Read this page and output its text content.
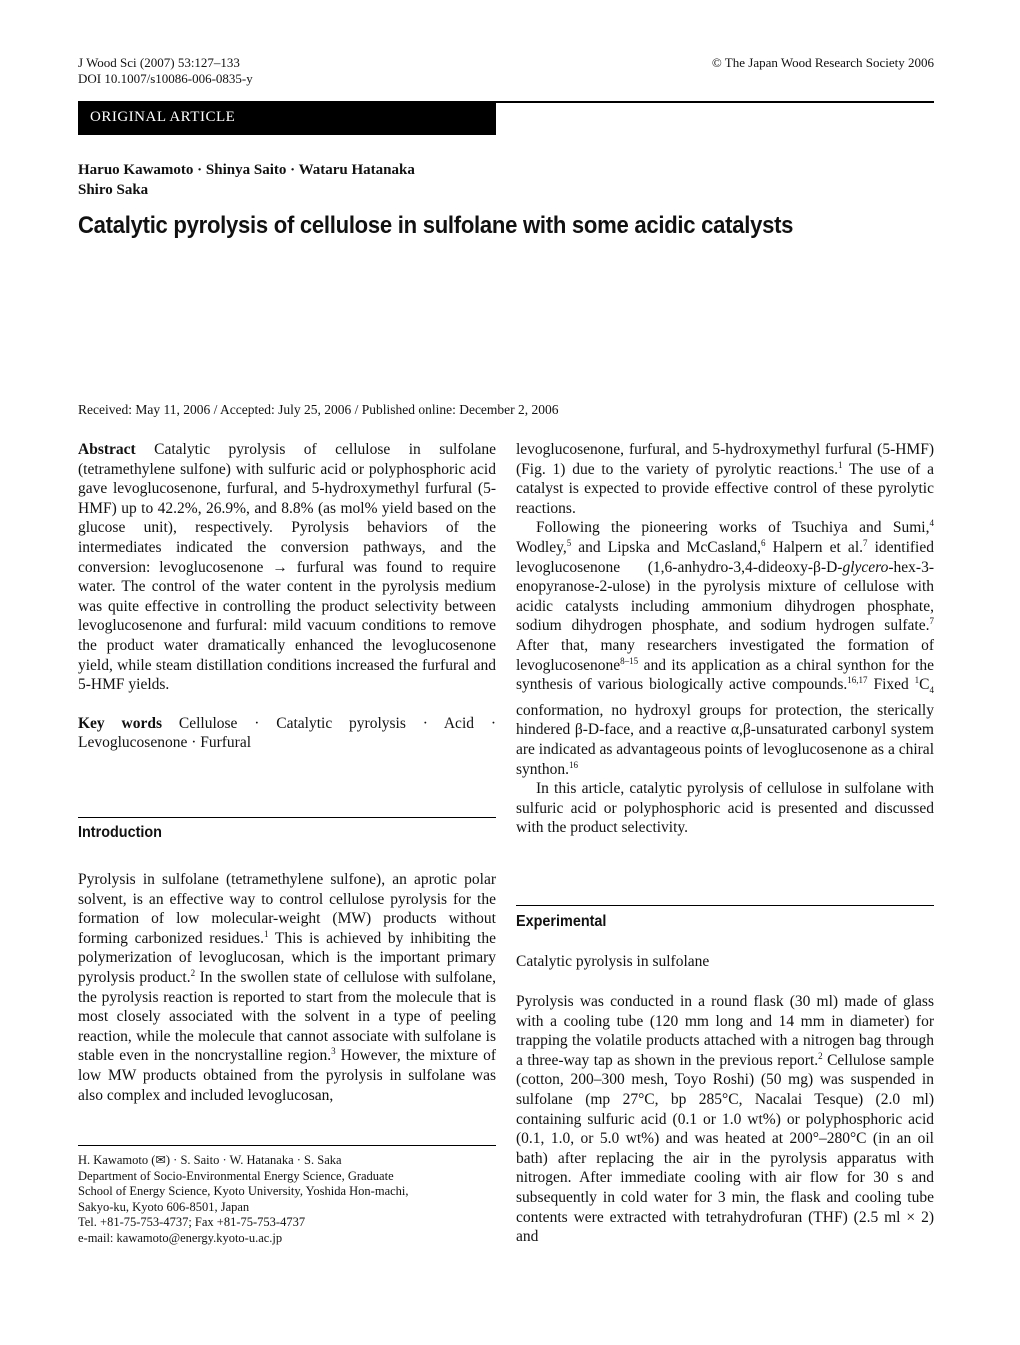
J Wood Sci (2007) 53:127–133
DOI 10.1007/s10086-006-0835-y
© The Japan Wood Research Society 2006
ORIGINAL ARTICLE
Haruo Kawamoto · Shinya Saito · Wataru Hatanaka
Shiro Saka
Catalytic pyrolysis of cellulose in sulfolane with some acidic catalysts
Received: May 11, 2006 / Accepted: July 25, 2006 / Published online: December 2, 2006

Abstract Catalytic pyrolysis of cellulose in sulfolane (tetramethylene sulfone) with sulfuric acid or polyphosphoric acid gave levoglucosenone, furfural, and 5-hydroxymethyl furfural (5-HMF) up to 42.2%, 26.9%, and 8.8% (as mol% yield based on the glucose unit), respectively. Pyrolysis behaviors of the intermediates indicated the conversion pathways, and the conversion: levoglucosenone → furfural was found to require water. The control of the water content in the pyrolysis medium was quite effective in controlling the product selectivity between levoglucosenone and furfural: mild vacuum conditions to remove the product water dramatically enhanced the levoglucosenone yield, while steam distillation conditions increased the furfural and 5-HMF yields.

Key words Cellulose · Catalytic pyrolysis · Acid · Levoglucosenone · Furfural

Introduction

Pyrolysis in sulfolane (tetramethylene sulfone), an aprotic polar solvent, is an effective way to control cellulose pyrolysis for the formation of low molecular-weight (MW) products without forming carbonized residues.$^1$ This is achieved by inhibiting the polymerization of levoglucosan, which is the important primary pyrolysis product.$^2$ In the swollen state of cellulose with sulfolane, the pyrolysis reaction is reported to start from the molecule that is most closely associated with the solvent in a type of peeling reaction, while the molecule that cannot associate with sulfolane is stable even in the noncrystalline region.$^3$ However, the mixture of low MW products obtained from the pyrolysis in sulfolane was also complex and included levoglucosan,

H. Kawamoto (✉) · S. Saito · W. Hatanaka · S. Saka
Department of Socio-Environmental Energy Science, Graduate
School of Energy Science, Kyoto University, Yoshida Hon-machi,
Sakyo-ku, Kyoto 606-8501, Japan
Tel. +81-75-753-4737; Fax +81-75-753-4737
e-mail: kawamoto@energy.kyoto-u.ac.jp

levoglucosenone, furfural, and 5-hydroxymethyl furfural (5-HMF) (Fig. 1) due to the variety of pyrolytic reactions.$^1$ The use of a catalyst is expected to provide effective control of these pyrolytic reactions.

Following the pioneering works of Tsuchiya and Sumi,$^4$ Wodley,$^5$ and Lipska and McCasland,$^6$ Halpern et al.$^7$ identified levoglucosenone (1,6-anhydro-3,4-dideoxy-β-D-glycero-hex-3-enopyranose-2-ulose) in the pyrolysis mixture of cellulose with acidic catalysts including ammonium dihydrogen phosphate, sodium dihydrogen phosphate, and sodium hydrogen sulfate.$^7$ After that, many researchers investigated the formation of levoglucosenone$^{8-15}$ and its application as a chiral synthon for the synthesis of various biologically active compounds.$^{16,17}$ Fixed $^1C_4$ conformation, no hydroxyl groups for protection, the sterically hindered β-D-face, and a reactive α,β-unsaturated carbonyl system are indicated as advantageous points of levoglucosenone as a chiral synthon.$^{16}$

In this article, catalytic pyrolysis of cellulose in sulfolane with sulfuric acid or polyphosphoric acid is presented and discussed with the product selectivity.

Experimental
Catalytic pyrolysis in sulfolane

Pyrolysis was conducted in a round flask (30 ml) made of glass with a cooling tube (120 mm long and 14 mm in diameter) for trapping the volatile products attached with a nitrogen bag through a three-way tap as shown in the previous report.$^2$ Cellulose sample (cotton, 200–300 mesh, Toyo Roshi) (50 mg) was suspended in sulfolane (mp 27°C, bp 285°C, Nacalai Tesque) (2.0 ml) containing sulfuric acid (0.1 or 1.0 wt%) or polyphosphoric acid (0.1, 1.0, or 5.0 wt%) and was heated at 200°–280°C (in an oil bath) after replacing the air in the pyrolysis apparatus with nitrogen. After immediate cooling with air flow for 30 s and subsequently in cold water for 3 min, the flask and cooling tube contents were extracted with tetrahydrofuran (THF) (2.5 ml × 2) and
